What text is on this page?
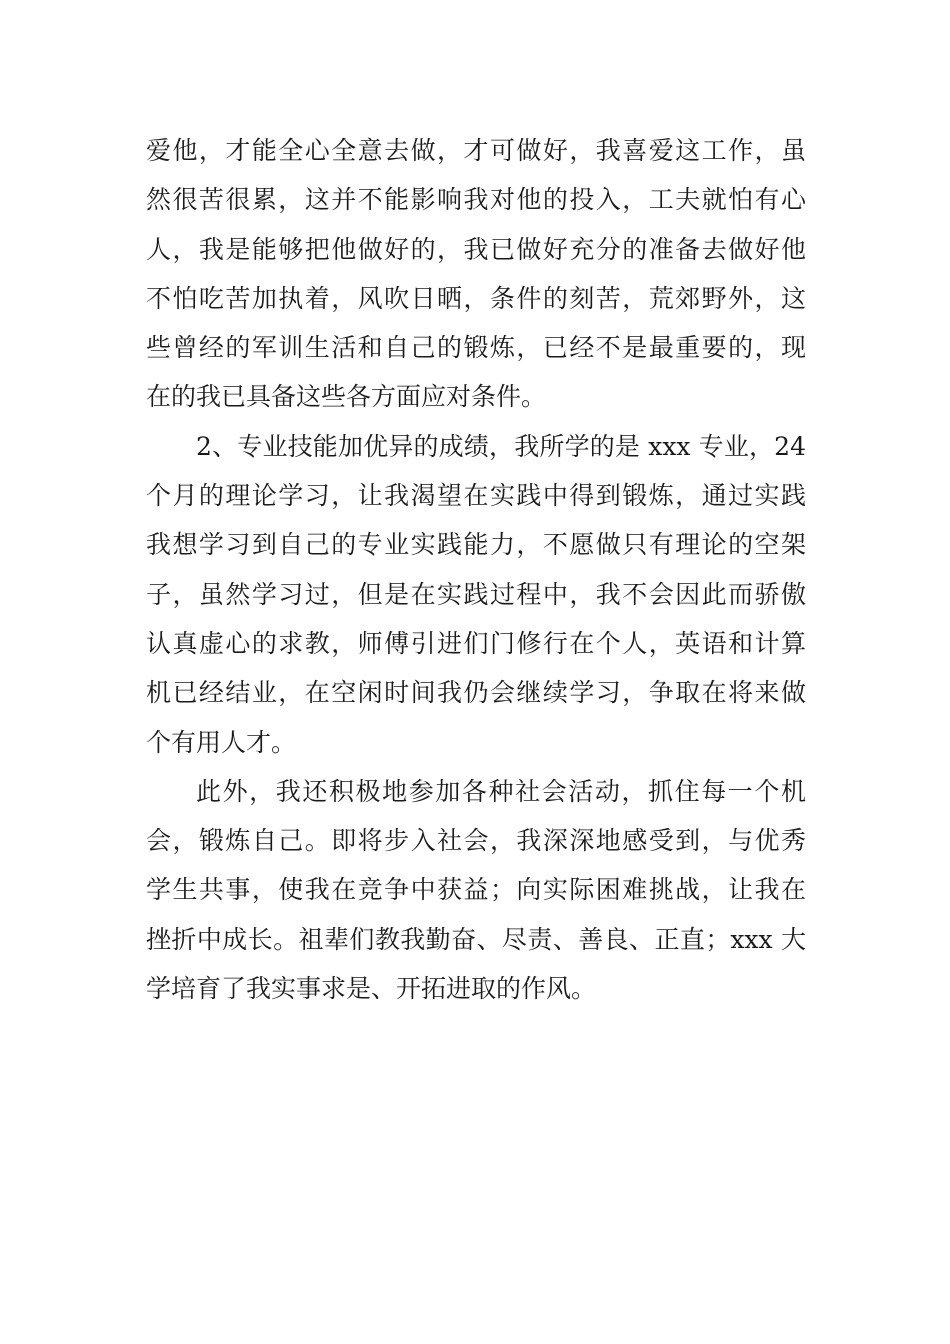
爱他，才能全心全意去做，才可做好，我喜爱这工作，虽
然很苦很累，这并不能影响我对他的投入，工夫就怕有心
人，我是能够把他做好的，我已做好充分的准备去做好他
不怕吃苦加执着，风吹日晒，条件的刻苦，荒郊野外，这
些曾经的军训生活和自己的锻炼，已经不是最重要的，现
在的我已具备这些各方面应对条件。
2、专业技能加优异的成绩，我所学的是 xxx 专业，24
个月的理论学习，让我渴望在实践中得到锻炼，通过实践
我想学习到自己的专业实践能力，不愿做只有理论的空架
子，虽然学习过，但是在实践过程中，我不会因此而骄傲
认真虚心的求教，师傅引进们门修行在个人，英语和计算
机已经结业，在空闲时间我仍会继续学习，争取在将来做
个有用人才。
此外，我还积极地参加各种社会活动，抓住每一个机
会，锻炼自己。即将步入社会，我深深地感受到，与优秀
学生共事，使我在竞争中获益；向实际困难挑战，让我在
挫折中成长。祖辈们教我勤奋、尽责、善良、正直；xxx 大
学培育了我实事求是、开拓进取的作风。
